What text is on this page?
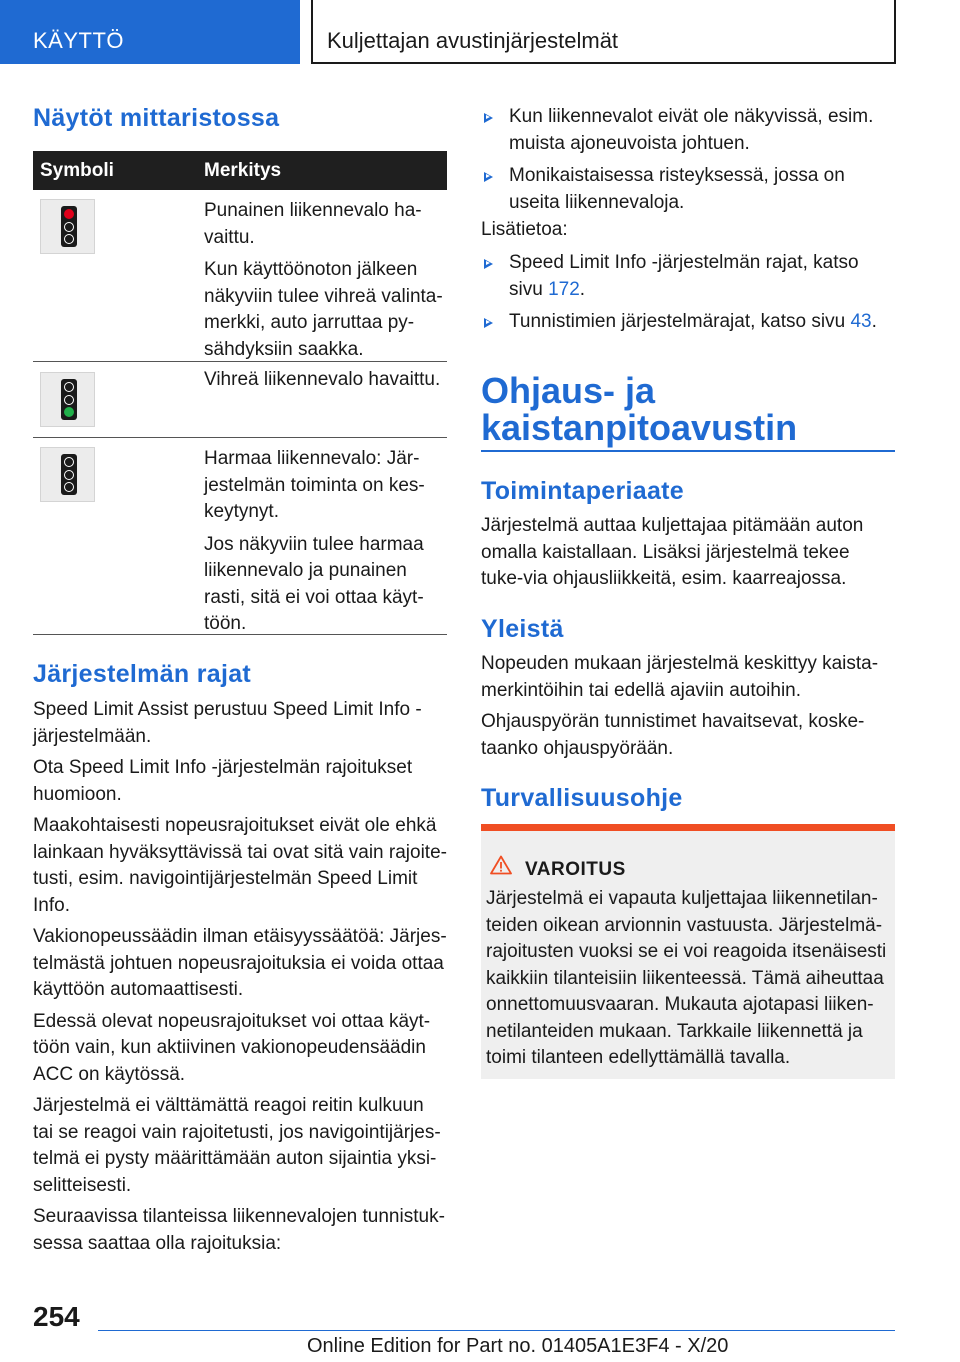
KÄYTTÖ	Kuljettajan avustinjärjestelmät
Näytöt mittaristossa
Symboli	Merkitys

Punainen liikennevalo ha-vaittu.

Kun käyttöönoton jälkeen näkyviin tulee vihreä valinta-merkki, auto jarruttaa py-sähdyksiin saakka.

Vihreä liikennevalo havaittu.

Harmaa liikennevalo: Jär-jestelmän toiminta on kes-keytynyt.

Jos näkyviin tulee harmaa liikennevalo ja punainen rasti, sitä ei voi ottaa käyt-töön.

Järjestelmän rajat

Speed Limit Assist perustuu Speed Limit Info -järjestelmään.

Ota Speed Limit Info -järjestelmän rajoitukset huomioon.

Maakohtaisesti nopeusrajoitukset eivät ole ehkä lainkaan hyväksyttävissä tai ovat sitä vain rajoite-tusti, esim. navigointijärjestelmän Speed Limit Info.

Vakionopeussäädin ilman etäisyyssäätöä: Järjes-telmästä johtuen nopeusrajoituksia ei voida ottaa käyttöön automaattisesti.

Edessä olevat nopeusrajoitukset voi ottaa käyt-töön vain, kun aktiivinen vakionopeudensäädin ACC on käytössä.

Järjestelmä ei välttämättä reagoi reitin kulkuun tai se reagoi vain rajoitetusti, jos navigointijärjes-telmä ei pysty määrittämään auton sijaintia yksi-selitteisesti.

Seuraavissa tilanteissa liikennevalojen tunnistuk-sessa saattaa olla rajoituksia:

Kun liikennevalot eivät ole näkyvissä, esim. muista ajoneuvoista johtuen.
Monikaistaisessa risteyksessä, jossa on useita liikennevaloja.
Lisätietoa:
Speed Limit Info -järjestelmän rajat, katso sivu 172.
Tunnistimien järjestelmärajat, katso sivu 43.
Ohjaus- ja kaistanpitoavustin
Toimintaperiaate
Järjestelmä auttaa kuljettajaa pitämään auton omalla kaistallaan. Lisäksi järjestelmä tekee tuke-via ohjausliikkeitä, esim. kaarreajossa.
Yleistä

Nopeuden mukaan järjestelmä keskittyy kaista-merkintöihin tai edellä ajaviin autoihin.

Ohjauspyörän tunnistimet havaitsevat, koske-taanko ohjauspyörään.

Turvallisuusohje
VAROITUS
Järjestelmä ei vapauta kuljettajaa liikennetilan-teiden oikean arvionnin vastuusta. Järjestelmä-rajoitusten vuoksi se ei voi reagoida itsenäisesti kaikkiin tilanteisiin liikenteessä. Tämä aiheuttaa onnettomuusvaaran. Mukauta ajotapasi liiken-netilanteiden mukaan. Tarkkaile liikennettä ja toimi tilanteen edellyttämällä tavalla.
254
Online Edition for Part no. 01405A1E3F4 - X/20
